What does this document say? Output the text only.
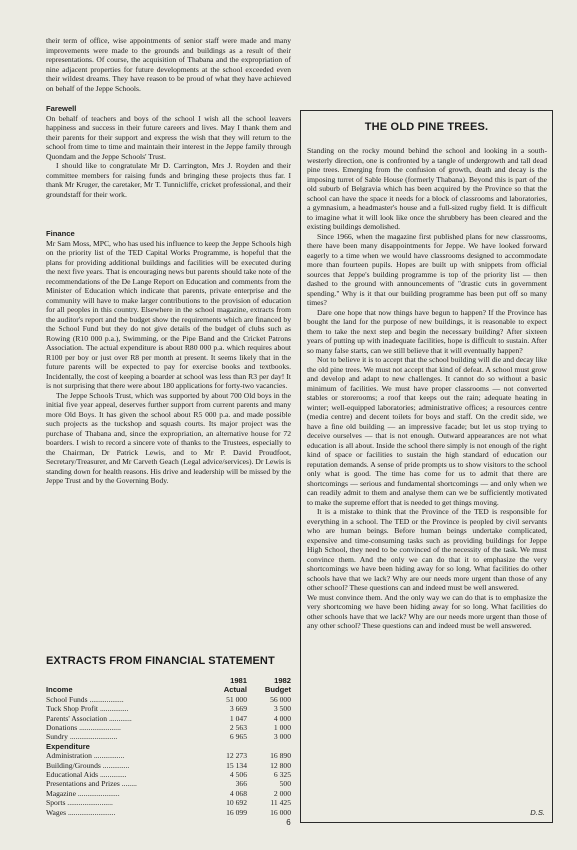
their term of office, wise appointments of senior staff were made and many improvements were made to the grounds and buildings as a result of their representations. Of course, the acquisition of Thabana and the expropriation of nine adjacent properties for future developments at the school exceeded even their wildest dreams. They have reason to be proud of what they have achieved on behalf of the Jeppe Schools.

Farewell

On behalf of teachers and boys of the school I wish all the school leavers happiness and success in their future careers and lives. May I thank them and their parents for their support and express the wish that they will return to the school from time to time and maintain their interest in the Jeppe family through Quondam and the Jeppe Schools' Trust.

I should like to congratulate Mr D. Carrington, Mrs J. Royden and their committee members for raising funds and bringing these projects thus far. I thank Mr Kruger, the caretaker, Mr T. Tunnicliffe, cricket professional, and their groundstaff for their work.

Finance

Mr Sam Moss, MPC, who has used his influence to keep the Jeppe Schools high on the priority list of the TED Capital Works Programme, is hopeful that the plans for providing additional buildings and facilities will be executed during the next five years. That is encouraging news but parents should take note of the recommendations of the De Lange Report on Education and comments from the Minister of Education which indicate that parents, private enterprise and the community will have to make larger contributions to the provision of education for all peoples in this country. Elsewhere in the school magazine, extracts from the auditor's report and the budget show the requirements which are financed by the School Fund but they do not give details of the budget of clubs such as Rowing (R10 000 p.a.), Swimming, or the Pipe Band and the Cricket Patrons Association. The actual expenditure is about R80 000 p.a. which requires about R100 per boy or just over R8 per month at present. It seems likely that in the future parents will be expected to pay for exercise books and textbooks. Incidentally, the cost of keeping a boarder at school was less than R3 per day! It is not surprising that there were about 180 applications for forty-two vacancies.

The Jeppe Schools Trust, which was supported by about 700 Old boys in the initial five year appeal, deserves further support from current parents and many more Old Boys. It has given the school about R5 000 p.a. and made possible such projects as the tuckshop and squash courts. Its major project was the purchase of Thabana and, since the expropriation, an alternative house for 72 boarders. I wish to record a sincere vote of thanks to the Trustees, especially to the Chairman, Dr Patrick Lewis, and to Mr P. David Proudfoot, Secretary/Treasurer, and Mr Carveth Geach (Legal advice/services). Dr Lewis is standing down for health reasons. His drive and leadership will be missed by the Jeppe Trust and by the Governing Body.

EXTRACTS FROM FINANCIAL STATEMENT
	1981	1982
Income	Actual	Budget
School Funds ..................	51 000	56 000
Tuck Shop Profit ...............	3 669	3 500
Parents' Association ............	1 047	4 000
Donations ......................	2 563	1 000
Sundry .........................	6 965	3 000
Expenditure		
Administration ................	12 273	16 890
Building/Grounds ..............	15 134	12 800
Educational Aids ..............	4 506	6 325
Presentations and Prizes ........	366	500
Magazine ......................	4 068	2 000
Sports ........................	10 692	11 425
Wages .........................	16 099	16 000
THE OLD PINE TREES.

Standing on the rocky mound behind the school and looking in a south-westerly direction, one is confronted by a tangle of undergrowth and tall dead pine trees. Emerging from the confusion of growth, death and decay is the imposing turret of Sable House (formerly Thabana). Beyond this is part of the old suburb of Belgravia which has been acquired by the Province so that the school can have the space it needs for a block of classrooms and laboratories, a gymnasium, a headmaster's house and a full-sized rugby field. It is difficult to imagine what it will look like once the shrubbery has been cleared and the existing buildings demolished.

Since 1966, when the magazine first published plans for new classrooms, there have been many disappointments for Jeppe. We have looked forward eagerly to a time when we would have classrooms designed to accommodate more than fourteen pupils. Hopes are built up with snippets from official sources that Jeppe's building programme is top of the priority list — then dashed to the ground with announcements of "drastic cuts in government spending." Why is it that our building programme has been put off so many times?

Dare one hope that now things have begun to happen? If the Province has bought the land for the purpose of new buildings, it is reasonable to expect them to take the next step and begin the necessary building? After sixteen years of putting up with inadequate facilities, hope is difficult to sustain. After so many false starts, can we still believe that it will eventually happen?

Not to believe it is to accept that the school building will die and decay like the old pine trees. We must not accept that kind of defeat. A school must grow and develop and adapt to new challenges. It cannot do so without a basic minimum of facilities. We must have proper classrooms — not converted stables or storerooms; a roof that keeps out the rain; adequate heating in winter; well-equipped laboratories; administrative offices; a resources centre (media centre) and decent toilets for boys and staff. On the credit side, we have a fine old building — an impressive facade; but let us stop trying to deceive ourselves — that is not enough. Outward appearances are not what education is all about. Inside the school there simply is not enough of the right kind of space or facilities to sustain the high standard of education our reputation demands. A sense of pride prompts us to show visitors to the school only what is good. The time has come for us to admit that there are shortcomings — serious and fundamental shortcomings — and only when we can readily admit to them and analyse them can we be sufficiently motivated to make the supreme effort that is needed to get things moving.

It is a mistake to think that the Province of the TED is responsible for everything in a school. The TED or the Province is peopled by civil servants who are human beings. Before human beings undertake complicated, expensive and time-consuming tasks such as providing buildings for Jeppe High School, they need to be convinced of the necessity of the task. We must convince them. And the only we can do that it to emphasize the very shortcomings we have been hiding away for so long. What facilities do other schools have that we lack? Why are our needs more urgent than those of any other school? These questions can and indeed must be well answered.

We must convince them. And the only way we can do that is to emphasize the very shortcoming we have been hiding away for so long. What facilities do other schools have that we lack? Why are our needs more urgent than those of any other school? These questions can and indeed must be well answered.

D.S.
6
